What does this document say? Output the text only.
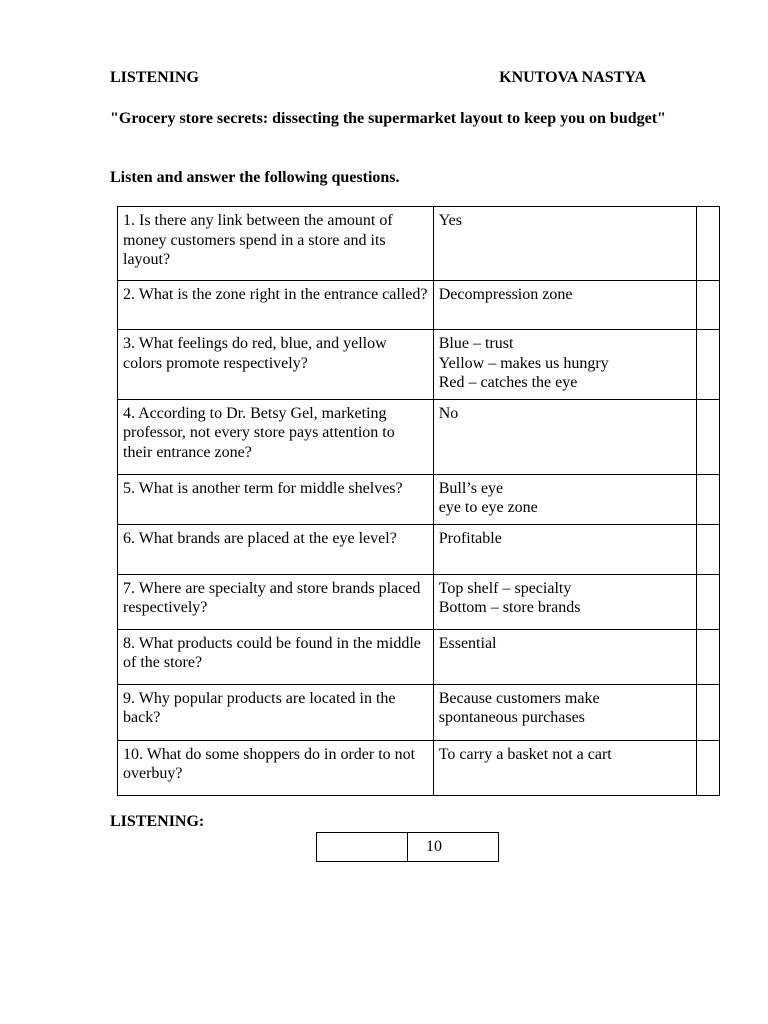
LISTENING	KNUTOVA NASTYA
"Grocery store secrets: dissecting the supermarket layout to keep you on budget"
Listen and answer the following questions.
1. Is there any link between the amount of money customers spend in a store and its layout?	Yes	

2. What is the zone right in the entrance called?	Decompression zone	

3. What feelings do red, blue, and yellow colors promote respectively?	Blue – trust
Yellow – makes us hungry
Red – catches the eye	

4. According to Dr. Betsy Gel, marketing professor, not every store pays attention to their entrance zone?	No	

5. What is another term for middle shelves?	Bull’s eye
eye to eye zone	

6. What brands are placed at the eye level?	Profitable	

7. Where are specialty and store brands placed respectively?	Top shelf – specialty
Bottom – store brands	

8. What products could be found in the middle of the store?	Essential	

9. Why popular products are located in the back?	Because customers make
spontaneous purchases	

10. What do some shoppers do in order to not overbuy?	To carry a basket not a cart	

LISTENING:
	10
